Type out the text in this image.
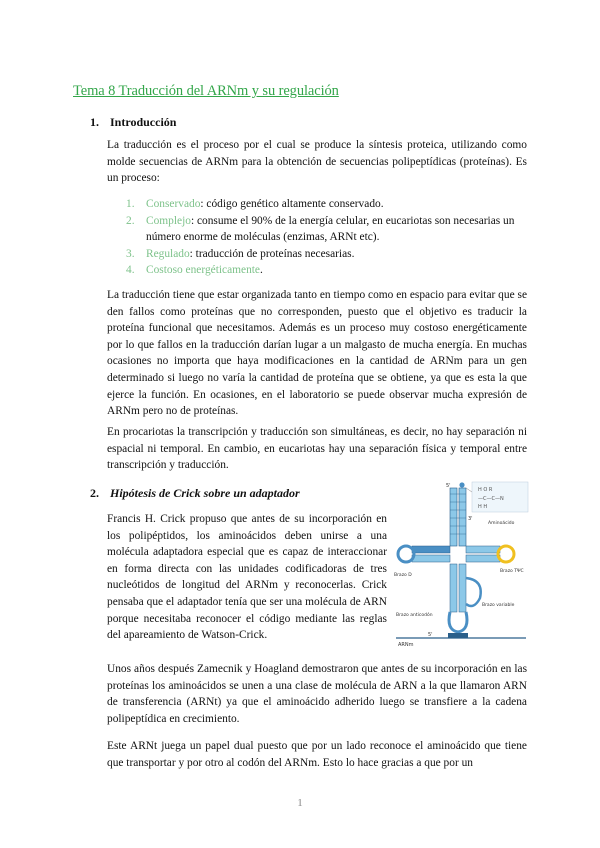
Tema 8 Traducción del ARNm y su regulación
1. Introducción

La traducción es el proceso por el cual se produce la síntesis proteica, utilizando como molde secuencias de ARNm para la obtención de secuencias polipeptídicas (proteínas). Es un proceso:

1. Conservado: código genético altamente conservado.
2. Complejo: consume el 90% de la energía celular, en eucariotas son necesarias un número enorme de moléculas (enzimas, ARNt etc).
3. Regulado: traducción de proteínas necesarias.
4. Costoso energéticamente.

La traducción tiene que estar organizada tanto en tiempo como en espacio para evitar que se den fallos como proteínas que no corresponden, puesto que el objetivo es traducir la proteína funcional que necesitamos. Además es un proceso muy costoso energéticamente por lo que fallos en la traducción darían lugar a un malgasto de mucha energía. En muchas ocasiones no importa que haya modificaciones en la cantidad de ARNm para un gen determinado si luego no varía la cantidad de proteína que se obtiene, ya que es esta la que ejerce la función. En ocasiones, en el laboratorio se puede observar mucha expresión de ARNm pero no de proteínas.

En procariotas la transcripción y traducción son simultáneas, es decir, no hay separación ni espacial ni temporal. En cambio, en eucariotas hay una separación física y temporal entre transcripción y traducción.

2. Hipótesis de Crick sobre un adaptador

Francis H. Crick propuso que antes de su incorporación en los polipéptidos, los aminoácidos deben unirse a una molécula adaptadora especial que es capaz de interaccionar en forma directa con las unidades codificadoras de tres nucleótidos de longitud del ARNm y reconocerlas. Crick pensaba que el adaptador tenía que ser una molécula de ARN porque necesitaba reconocer el código mediante las reglas del apareamiento de Watson-Crick.

H O R
—C—C—N
H H
5'
3'
Brazo D
Brazo TΨC
Brazo variable
Brazo anticodón
ARNm
5'
Aminoácido

Unos años después Zamecnik y Hoagland demostraron que antes de su incorporación en las proteínas los aminoácidos se unen a una clase de molécula de ARN a la que llamaron ARN de transferencia (ARNt) ya que el aminoácido adherido luego se transfiere a la cadena polipeptídica en crecimiento.

Este ARNt juega un papel dual puesto que por un lado reconoce el aminoácido que tiene que transportar y por otro al codón del ARNm. Esto lo hace gracias a que por un

1
